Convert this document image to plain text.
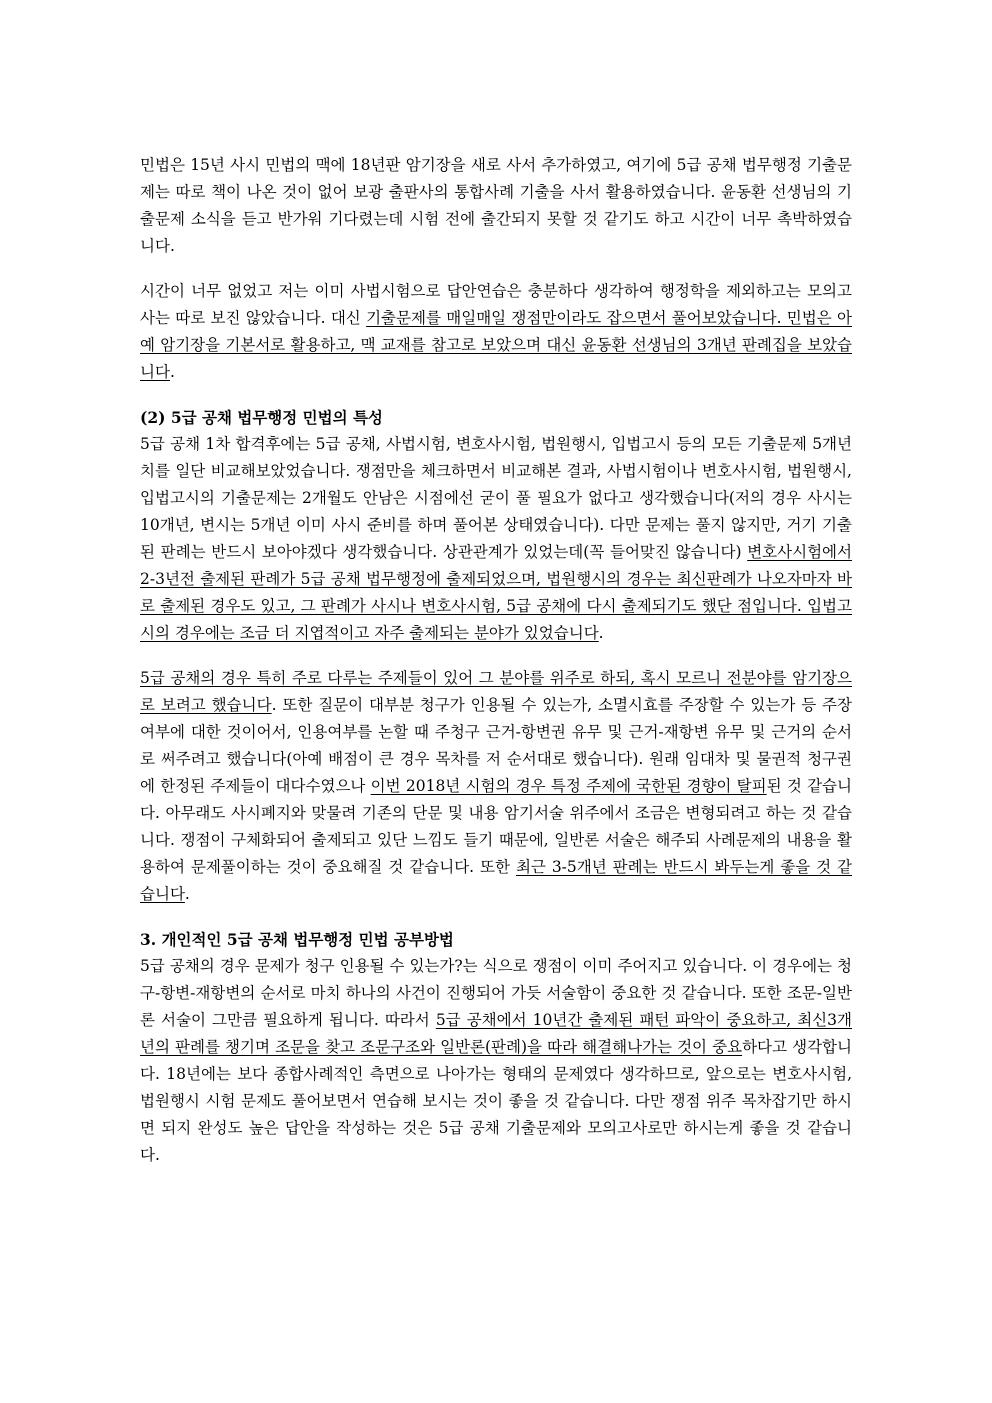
민법은 15년 사시 민법의 맥에 18년판 암기장을 새로 사서 추가하였고, 여기에 5급 공채 법무행정 기출문제는 따로 책이 나온 것이 없어 보광 출판사의 통합사례 기출을 사서 활용하였습니다. 윤동환 선생님의 기출문제 소식을 듣고 반가워 기다렸는데 시험 전에 출간되지 못할 것 같기도 하고 시간이 너무 촉박하였습니다.

시간이 너무 없었고 저는 이미 사법시험으로 답안연습은 충분하다 생각하여 행정학을 제외하고는 모의고사는 따로 보진 않았습니다. 대신 기출문제를 매일매일 쟁점만이라도 잡으면서 풀어보았습니다. 민법은 아예 암기장을 기본서로 활용하고, 맥 교재를 참고로 보았으며 대신 윤동환 선생님의 3개년 판례집을 보았습니다.

(2) 5급 공채 법무행정 민법의 특성

5급 공채 1차 합격후에는 5급 공채, 사법시험, 변호사시험, 법원행시, 입법고시 등의 모든 기출문제 5개년치를 일단 비교해보았었습니다. 쟁점만을 체크하면서 비교해본 결과, 사법시험이나 변호사시험, 법원행시, 입법고시의 기출문제는 2개월도 안남은 시점에선 굳이 풀 필요가 없다고 생각했습니다(저의 경우 사시는 10개년, 변시는 5개년 이미 사시 준비를 하며 풀어본 상태였습니다). 다만 문제는 풀지 않지만, 거기 기출된 판례는 반드시 보아야겠다 생각했습니다. 상관관계가 있었는데(꼭 들어맞진 않습니다) 변호사시험에서 2-3년전 출제된 판례가 5급 공채 법무행정에 출제되었으며, 법원행시의 경우는 최신판례가 나오자마자 바로 출제된 경우도 있고, 그 판례가 사시나 변호사시험, 5급 공채에 다시 출제되기도 했단 점입니다. 입법고시의 경우에는 조금 더 지엽적이고 자주 출제되는 분야가 있었습니다.

5급 공채의 경우 특히 주로 다루는 주제들이 있어 그 분야를 위주로 하되, 혹시 모르니 전분야를 암기장으로 보려고 했습니다. 또한 질문이 대부분 청구가 인용될 수 있는가, 소멸시효를 주장할 수 있는가 등 주장 여부에 대한 것이어서, 인용여부를 논할 때 주청구 근거-항변권 유무 및 근거-재항변 유무 및 근거의 순서로 써주려고 했습니다(아예 배점이 큰 경우 목차를 저 순서대로 했습니다). 원래 임대차 및 물권적 청구권에 한정된 주제들이 대다수였으나 이번 2018년 시험의 경우 특정 주제에 국한된 경향이 탈피된 것 같습니다. 아무래도 사시폐지와 맞물려 기존의 단문 및 내용 암기서술 위주에서 조금은 변형되려고 하는 것 같습니다. 쟁점이 구체화되어 출제되고 있단 느낌도 들기 때문에, 일반론 서술은 해주되 사례문제의 내용을 활용하여 문제풀이하는 것이 중요해질 것 같습니다. 또한 최근 3-5개년 판례는 반드시 봐두는게 좋을 것 같습니다.

3. 개인적인 5급 공채 법무행정 민법 공부방법

5급 공채의 경우 문제가 청구 인용될 수 있는가?는 식으로 쟁점이 이미 주어지고 있습니다. 이 경우에는 청구-항변-재항변의 순서로 마치 하나의 사건이 진행되어 가듯 서술함이 중요한 것 같습니다. 또한 조문-일반론 서술이 그만큼 필요하게 됩니다. 따라서 5급 공채에서 10년간 출제된 패턴 파악이 중요하고, 최신3개년의 판례를 챙기며 조문을 찾고 조문구조와 일반론(판례)을 따라 해결해나가는 것이 중요하다고 생각합니다. 18년에는 보다 종합사례적인 측면으로 나아가는 형태의 문제였다 생각하므로, 앞으로는 변호사시험, 법원행시 시험 문제도 풀어보면서 연습해 보시는 것이 좋을 것 같습니다. 다만 쟁점 위주 목차잡기만 하시면 되지 완성도 높은 답안을 작성하는 것은 5급 공채 기출문제와 모의고사로만 하시는게 좋을 것 같습니다.
